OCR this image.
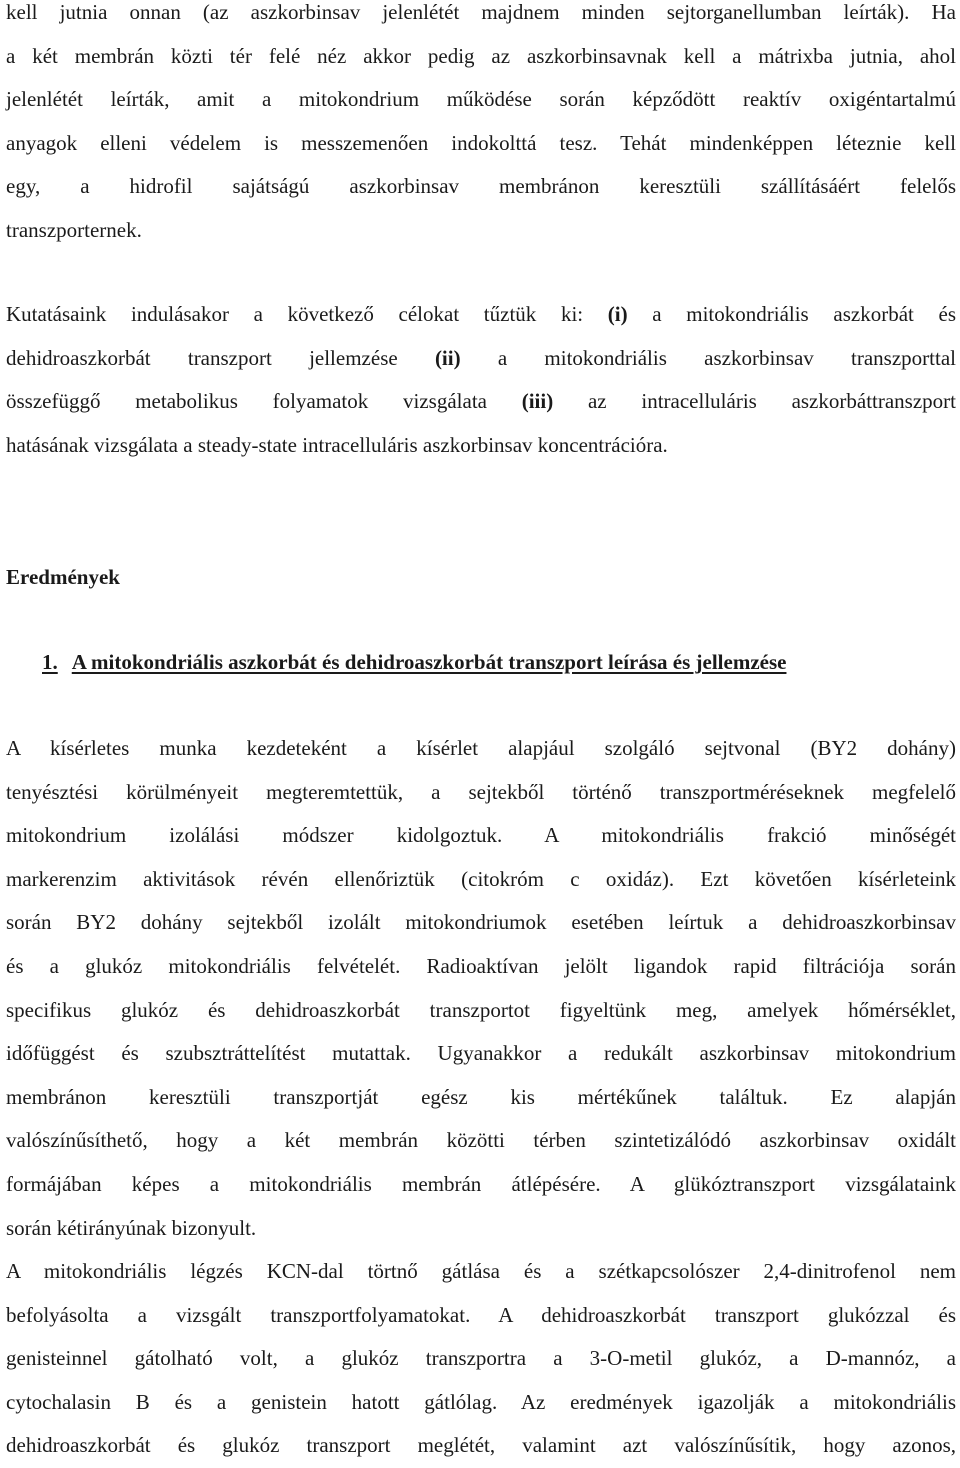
kell jutnia onnan (az aszkorbinsav jelenlétét majdnem minden sejtorganellumban leírták). Ha
a két membrán közti tér felé néz akkor pedig az aszkorbinsavnak kell a mátrixba jutnia, ahol
jelenlétét leírták, amit a mitokondrium működése során képződött reaktív oxigéntartalmú
anyagok elleni védelem is messzemenően indokolttá tesz. Tehát mindenképpen léteznie kell
egy, a hidrofil sajátságú aszkorbinsav membránon keresztüli szállításáért felelős
transzporternek.
Kutatásaink indulásakor a következő célokat tűztük ki: (i) a mitokondriális aszkorbát és
dehidroaszkorbát transzport jellemzése (ii) a mitokondriális aszkorbinsav transzporttal
összefüggő metabolikus folyamatok vizsgálata (iii) az intracelluláris aszkorbáttranszport
hatásának vizsgálata a steady-state intracelluláris aszkorbinsav koncentrációra.
Eredmények
1. A mitokondriális aszkorbát és dehidroaszkorbát transzport leírása és jellemzése
A kísérletes munka kezdeteként a kísérlet alapjául szolgáló sejtvonal (BY2 dohány)
tenyésztési körülményeit megteremtettük, a sejtekből történő transzportméréseknek megfelelő
mitokondrium izolálási módszer kidolgoztuk. A mitokondriális frakció minőségét
markerenzim aktivitások révén ellenőriztük (citokróm c oxidáz). Ezt követően kísérleteink
során BY2 dohány sejtekből izolált mitokondriumok esetében leírtuk a dehidroaszkorbinsav
és a glukóz mitokondriális felvételét. Radioaktívan jelölt ligandok rapid filtrációja során
specifikus glukóz és dehidroaszkorbát transzportot figyeltünk meg, amelyek hőmérséklet,
időfüggést és szubsztráttelítést mutattak. Ugyanakkor a redukált aszkorbinsav mitokondrium
membránon keresztüli transzportját egész kis mértékűnek találtuk. Ez alapján
valószínűsíthető, hogy a két membrán közötti térben szintetizálódó aszkorbinsav oxidált
formájában képes a mitokondriális membrán átlépésére. A glükóztranszport vizsgálataink
során kétirányúnak bizonyult.
A mitokondriális légzés KCN-dal törtnő gátlása és a szétkapcsolószer 2,4-dinitrofenol nem
befolyásolta a vizsgált transzportfolyamatokat. A dehidroaszkorbát transzport glukózzal és
genisteinnel gátolható volt, a glukóz transzportra a 3-O-metil glukóz, a D-mannóz, a
cytochalasin B és a genistein hatott gátlólag. Az eredmények igazolják a mitokondriális
dehidroaszkorbát és glukóz transzport meglétét, valamint azt valószínűsítik, hogy azonos,
